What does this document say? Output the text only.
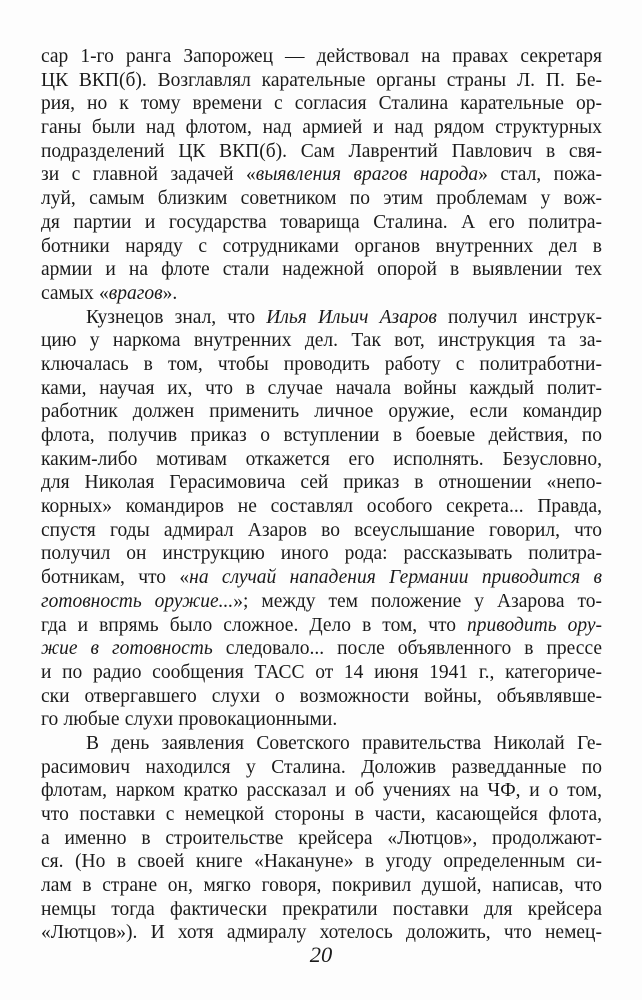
сар 1-го ранга Запорожец — действовал на правах секретаря
ЦК ВКП(б). Возглавлял карательные органы страны Л. П. Бе-
рия, но к тому времени с согласия Сталина карательные ор-
ганы были над флотом, над армией и над рядом структурных
подразделений ЦК ВКП(б). Сам Лаврентий Павлович в свя-
зи с главной задачей «выявления врагов народа» стал, пожа-
луй, самым близким советником по этим проблемам у вож-
дя партии и государства товарища Сталина. А его политра-
ботники наряду с сотрудниками органов внутренних дел в
армии и на флоте стали надежной опорой в выявлении тех
самых «врагов».
Кузнецов знал, что Илья Ильич Азаров получил инструк-
цию у наркома внутренних дел. Так вот, инструкция та за-
ключалась в том, чтобы проводить работу с политработни-
ками, научая их, что в случае начала войны каждый полит-
работник должен применить личное оружие, если командир
флота, получив приказ о вступлении в боевые действия, по
каким-либо мотивам откажется его исполнять. Безусловно,
для Николая Герасимовича сей приказ в отношении «непо-
корных» командиров не составлял особого секрета... Правда,
спустя годы адмирал Азаров во всеуслышание говорил, что
получил он инструкцию иного рода: рассказывать политра-
ботникам, что «на случай нападения Германии приводится в
готовность оружие...»; между тем положение у Азарова то-
гда и впрямь было сложное. Дело в том, что приводить ору-
жие в готовность следовало... после объявленного в прессе
и по радио сообщения ТАСС от 14 июня 1941 г., категориче-
ски отвергавшего слухи о возможности войны, объявлявше-
го любые слухи провокационными.
В день заявления Советского правительства Николай Ге-
расимович находился у Сталина. Доложив разведданные по
флотам, нарком кратко рассказал и об учениях на ЧФ, и о том,
что поставки с немецкой стороны в части, касающейся флота,
а именно в строительстве крейсера «Лютцов», продолжают-
ся. (Но в своей книге «Накануне» в угоду определенным си-
лам в стране он, мягко говоря, покривил душой, написав, что
немцы тогда фактически прекратили поставки для крейсера
«Лютцов»). И хотя адмиралу хотелось доложить, что немец-
20
